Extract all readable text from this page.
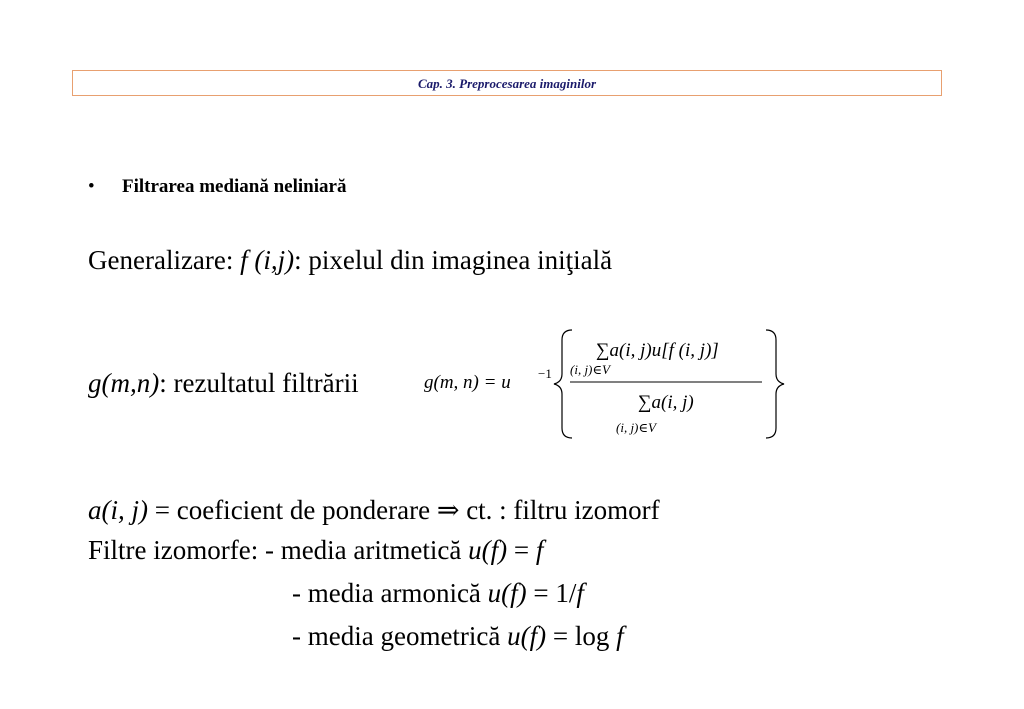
Cap. 3. Preprocesarea imaginilor
• Filtrarea mediană neliniară
Generalizare: f (i,j): pixelul din imaginea iniţială
g(m,n): rezultatul filtrării	g(m, n) = u −1
∑a(i, j)u[f (i, j)]
(i, j)∈V
∑a(i, j)
(i, j)∈V
a(i, j) = coeficient de ponderare ⇒ ct. : filtru izomorf
Filtre izomorfe: - media aritmetică u(f) = f
- media armonică u(f) = 1/f
- media geometrică u(f) = log f
